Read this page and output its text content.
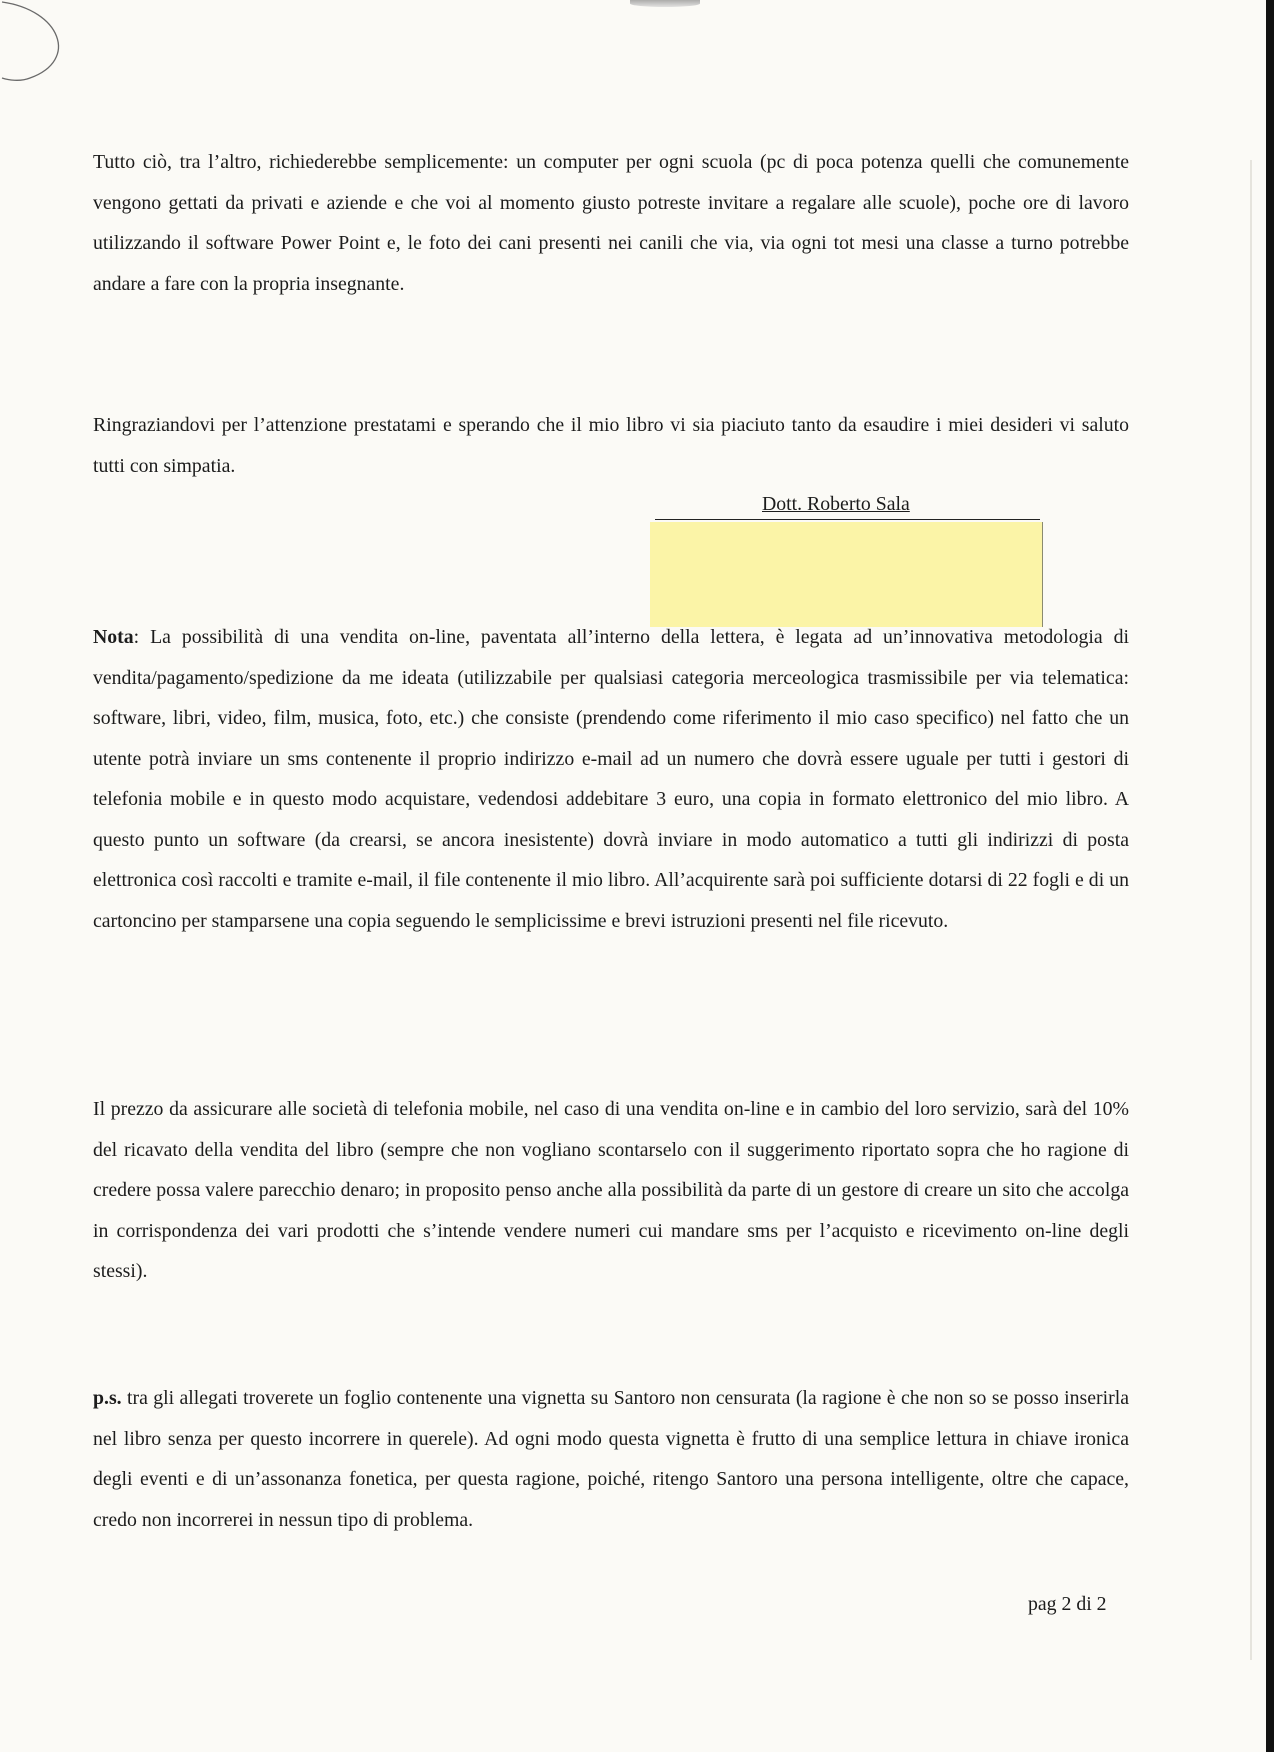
Tutto ciò, tra l’altro, richiederebbe semplicemente: un computer per ogni scuola (pc di poca potenza quelli che comunemente vengono gettati da privati e aziende e che voi al momento giusto potreste invitare a regalare alle scuole), poche ore di lavoro utilizzando il software Power Point e, le foto dei cani presenti nei canili che via, via ogni tot mesi una classe a turno potrebbe andare a fare con la propria insegnante.

Ringraziandovi per l’attenzione prestatami e sperando che il mio libro vi sia piaciuto tanto da esaudire i miei desideri vi saluto tutti con simpatia.

Dott. Roberto Sala

Nota: La possibilità di una vendita on-line, paventata all’interno della lettera, è legata ad un’innovativa metodologia di vendita/pagamento/spedizione da me ideata (utilizzabile per qualsiasi categoria merceologica trasmissibile per via telematica: software, libri, video, film, musica, foto, etc.) che consiste (prendendo come riferimento il mio caso specifico) nel fatto che un utente potrà inviare un sms contenente il proprio indirizzo e-mail ad un numero che dovrà essere uguale per tutti i gestori di telefonia mobile e in questo modo acquistare, vedendosi addebitare 3 euro, una copia in formato elettronico del mio libro. A questo punto un software (da crearsi, se ancora inesistente) dovrà inviare in modo automatico a tutti gli indirizzi di posta elettronica così raccolti e tramite e-mail, il file contenente il mio libro. All’acquirente sarà poi sufficiente dotarsi di 22 fogli e di un cartoncino per stamparsene una copia seguendo le semplicissime e brevi istruzioni presenti nel file ricevuto.

Il prezzo da assicurare alle società di telefonia mobile, nel caso di una vendita on-line e in cambio del loro servizio, sarà del 10% del ricavato della vendita del libro (sempre che non vogliano scontarselo con il suggerimento riportato sopra che ho ragione di credere possa valere parecchio denaro; in proposito penso anche alla possibilità da parte di un gestore di creare un sito che accolga in corrispondenza dei vari prodotti che s’intende vendere numeri cui mandare sms per l’acquisto e ricevimento on-line degli stessi).

p.s. tra gli allegati troverete un foglio contenente una vignetta su Santoro non censurata (la ragione è che non so se posso inserirla nel libro senza per questo incorrere in querele). Ad ogni modo questa vignetta è frutto di una semplice lettura in chiave ironica degli eventi e di un’assonanza fonetica, per questa ragione, poiché, ritengo Santoro una persona intelligente, oltre che capace, credo non incorrerei in nessun tipo di problema.

pag 2 di 2
